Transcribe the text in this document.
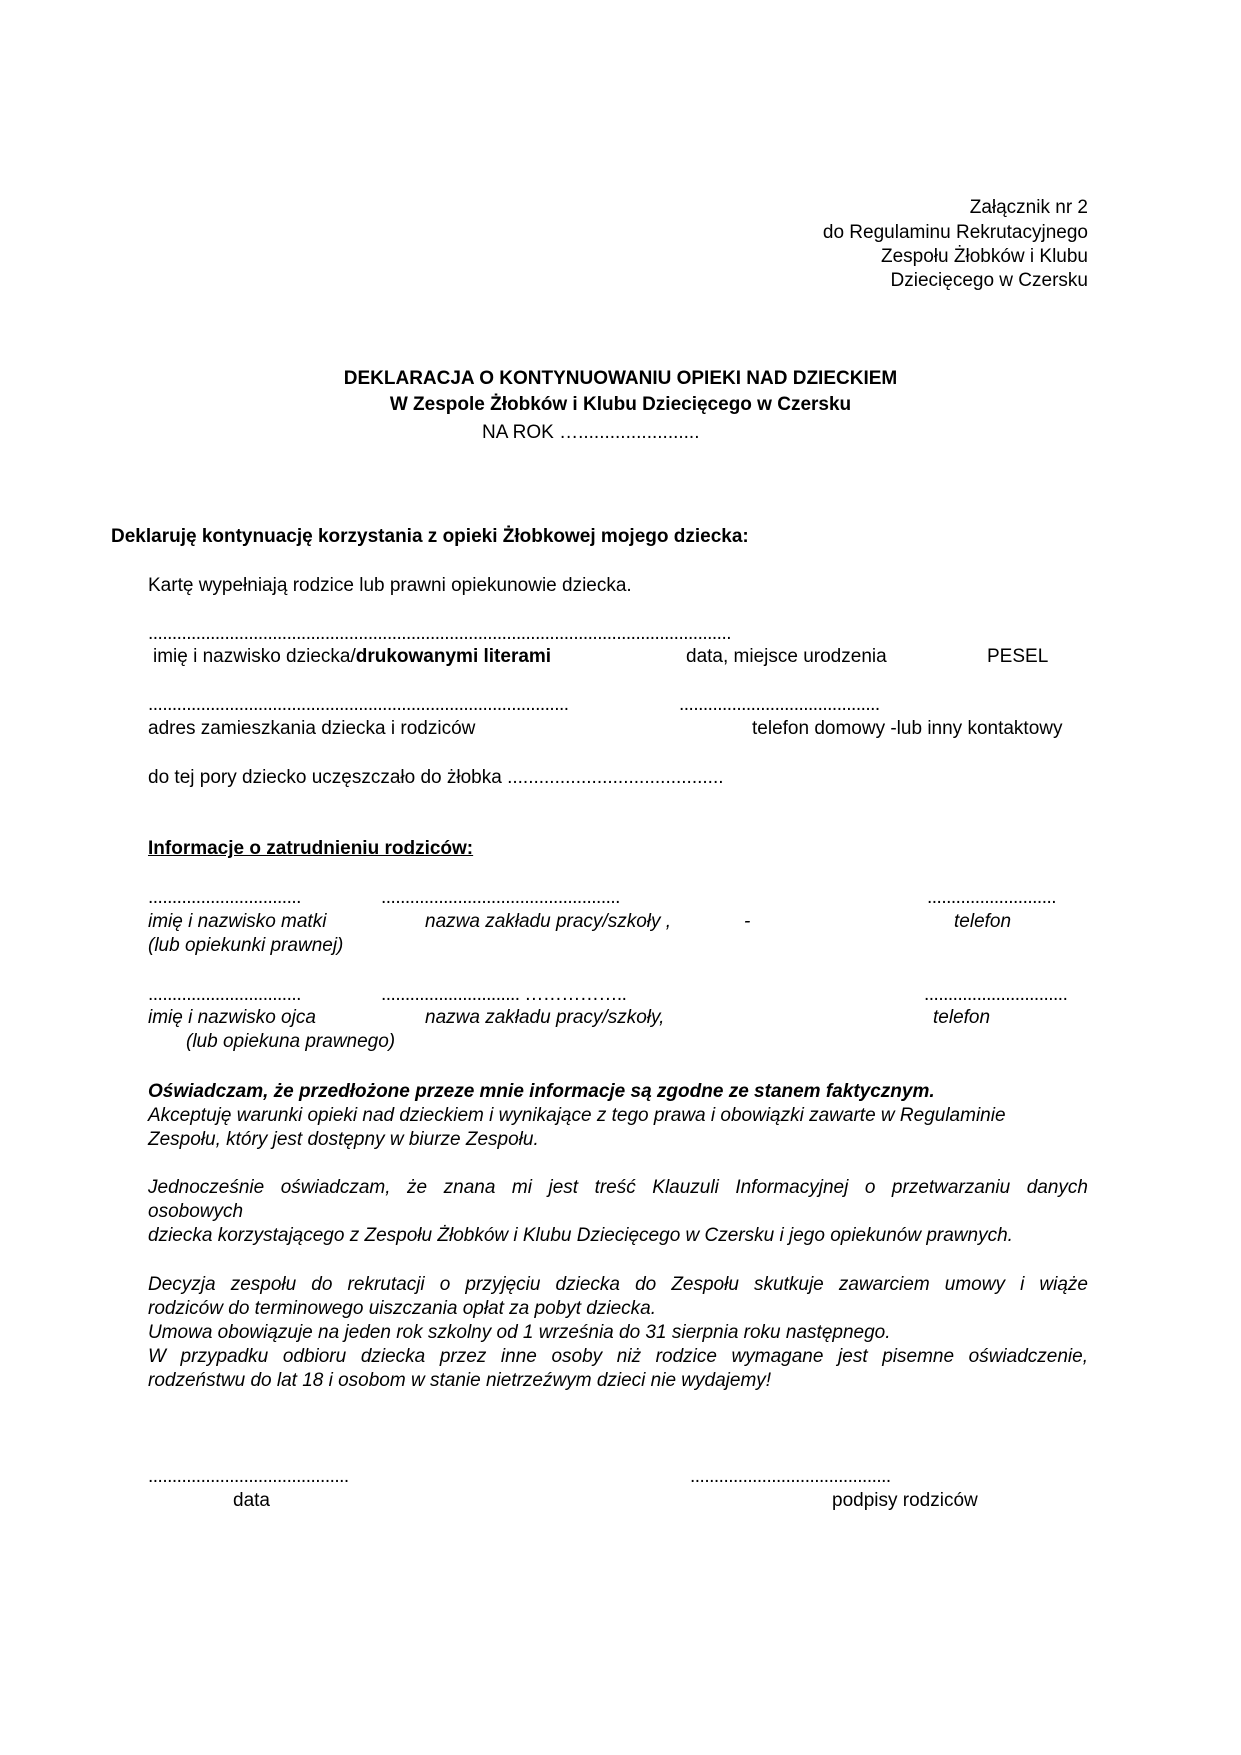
Załącznik nr 2
do Regulaminu Rekrutacyjnego
Zespołu Żłobków i Klubu
Dziecięcego w Czersku
DEKLARACJA O KONTYNUOWANIU OPIEKI NAD DZIECKIEM
W Zespole Żłobków i Klubu Dziecięcego w Czersku
NA ROK ….......................
Deklaruję kontynuację korzystania z opieki Żłobkowej mojego dziecka:
Kartę wypełniają rodzice lub prawni opiekunowie dziecka.
..........................................................................................................................
imię i nazwisko dziecka/drukowanymi literami	data, miejsce urodzenia	PESEL
........................................................................................	..........................................
adres zamieszkania dziecka i rodziców	telefon domowy -lub inny kontaktowy
do tej pory dziecko uczęszczało do żłobka .........................................
Informacje o zatrudnieniu rodziców:
................................	..................................................	...........................
imię i nazwisko matki	nazwa zakładu pracy/szkoły ,	-	telefon
(lub opiekunki prawnej)
................................	............................. ……………..	..............................
imię i nazwisko ojca	nazwa zakładu pracy/szkoły,	telefon
(lub opiekuna prawnego)
Oświadczam, że przedłożone przeze mnie informacje są zgodne ze stanem faktycznym.
Akceptuję warunki opieki nad dzieckiem i wynikające z tego prawa i obowiązki zawarte w Regulaminie
Zespołu, który jest dostępny w biurze Zespołu.
Jednocześnie oświadczam, że znana mi jest treść Klauzuli Informacyjnej o przetwarzaniu danych
osobowych
dziecka korzystającego z Zespołu Żłobków i Klubu Dziecięcego w Czersku i jego opiekunów prawnych.
Decyzja zespołu do rekrutacji o przyjęciu dziecka do Zespołu skutkuje zawarciem umowy i wiąże
rodziców do terminowego uiszczania opłat za pobyt dziecka.
Umowa obowiązuje na jeden rok szkolny od 1 września do 31 sierpnia roku następnego.
W przypadku odbioru dziecka przez inne osoby niż rodzice wymagane jest pisemne oświadczenie,
rodzeństwu do lat 18 i osobom w stanie nietrzeźwym dzieci nie wydajemy!
..........................................
data
..........................................
podpisy rodziców
